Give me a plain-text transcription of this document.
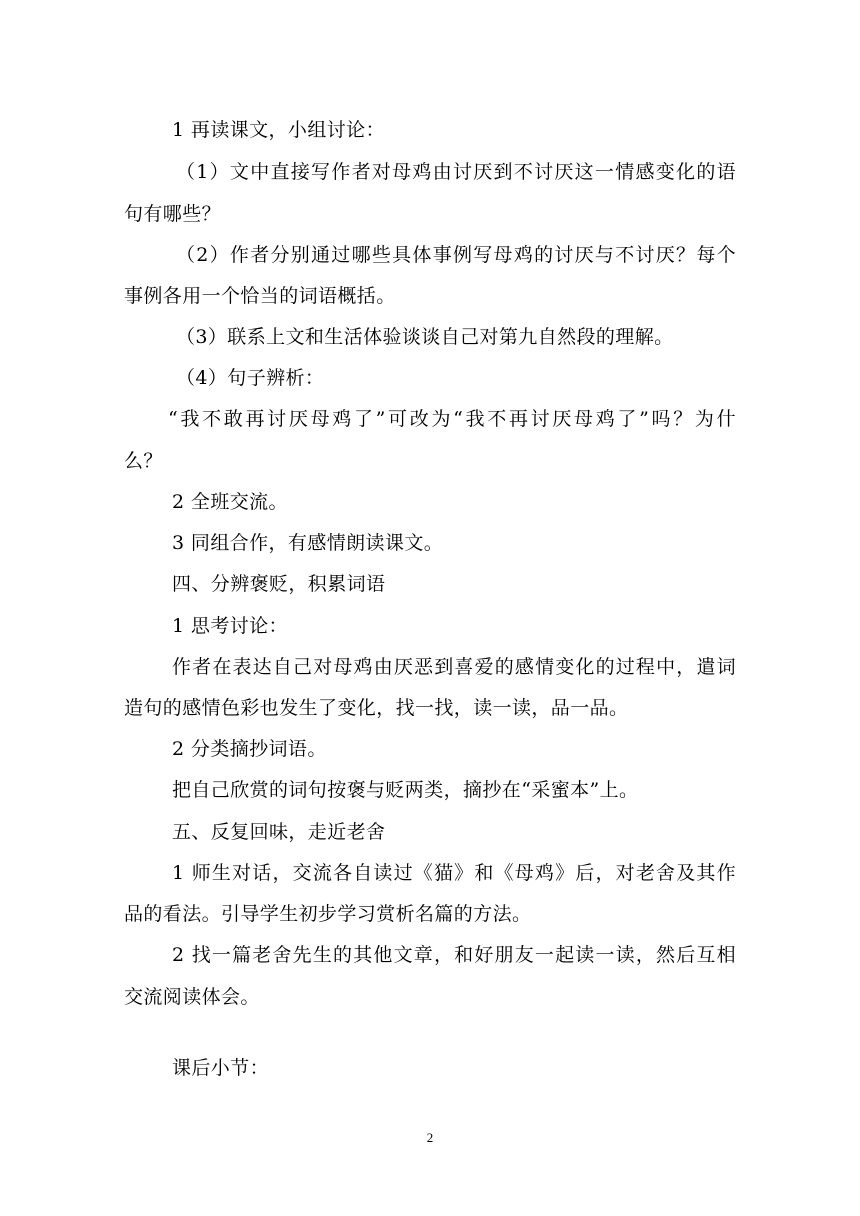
1 再读课文，小组讨论：
（1）文中直接写作者对母鸡由讨厌到不讨厌这一情感变化的语
句有哪些？
（2）作者分别通过哪些具体事例写母鸡的讨厌与不讨厌？每个
事例各用一个恰当的词语概括。
（3）联系上文和生活体验谈谈自己对第九自然段的理解。
（4）句子辨析：
“我不敢再讨厌母鸡了”可改为“我不再讨厌母鸡了”吗？为什
么？
2 全班交流。
3 同组合作，有感情朗读课文。
四、分辨褒贬，积累词语
1 思考讨论：
作者在表达自己对母鸡由厌恶到喜爱的感情变化的过程中，遣词
造句的感情色彩也发生了变化，找一找，读一读，品一品。
2 分类摘抄词语。
把自己欣赏的词句按褒与贬两类，摘抄在“采蜜本”上。
五、反复回味，走近老舍
1 师生对话，交流各自读过《猫》和《母鸡》后，对老舍及其作
品的看法。引导学生初步学习赏析名篇的方法。
2 找一篇老舍先生的其他文章，和好朋友一起读一读，然后互相
交流阅读体会。
课后小节：
2
